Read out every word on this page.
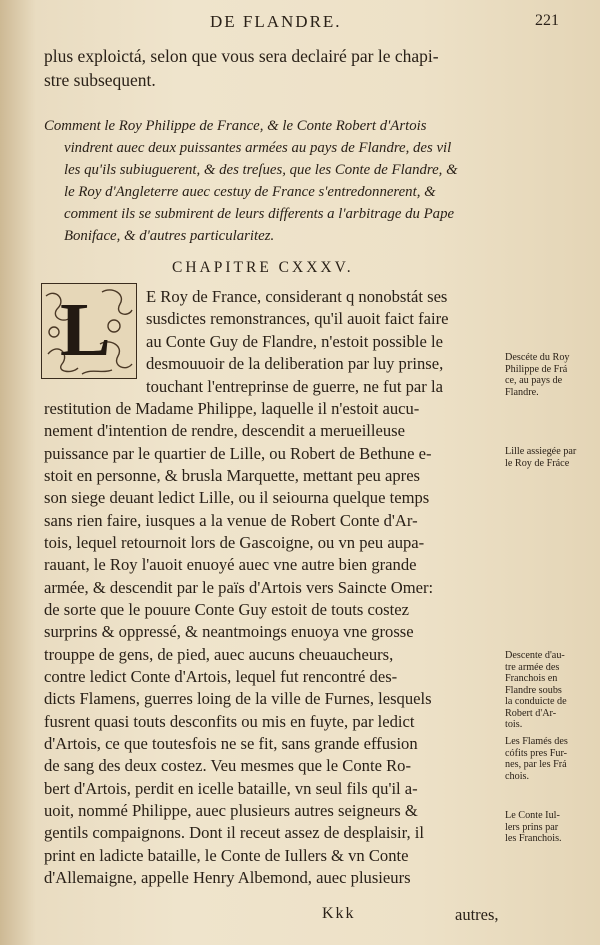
DE FLANDRE.	221
plus exploictá, selon que vous sera declairé par le chapi-
stre subsequent.
Comment le Roy Philippe de France, & le Conte Robert d'Artois
vindrent auec deux puissantes armées au pays de Flandre, des vil
les qu'ils subiuguerent, & des treſues, que les Conte de Flandre, &
le Roy d'Angleterre auec cestuy de France s'entredonnerent, &
comment ils se submirent de leurs differents a l'arbitrage du Pape
Boniface, & d'autres particularitez.
CHAPITRE CXXXV.
L E Roy de France, considerant q nonobstát ses
susdictes remonstrances, qu'il auoit faict faire
au Conte Guy de Flandre, n'estoit possible le
desmouuoir de la deliberation par luy prinse,
touchant l'entreprinse de guerre, ne fut par la
restitution de Madame Philippe, laquelle il n'estoit aucu-
nement d'intention de rendre, descendit a merueilleuse
puissance par le quartier de Lille, ou Robert de Bethune e-
stoit en personne, & brusla Marquette, mettant peu apres
son siege deuant ledict Lille, ou il seiourna quelque temps
sans rien faire, iusques a la venue de Robert Conte d'Ar-
tois, lequel retournoit lors de Gascoigne, ou vn peu aupa-
rauant, le Roy l'auoit enuoyé auec vne autre bien grande
armée, & descendit par le païs d'Artois vers Saincte Omer:
de sorte que le pouure Conte Guy estoit de touts costez
surprins & oppressé, & neantmoings enuoya vne grosse
trouppe de gens, de pied, auec aucuns cheuaucheurs,
contre ledict Conte d'Artois, lequel fut rencontré des-
dicts Flamens, guerres loing de la ville de Furnes, lesquels
fusrent quasi touts desconfits ou mis en fuyte, par ledict
d'Artois, ce que toutesfois ne se fit, sans grande effusion
de sang des deux costez. Veu mesmes que le Conte Ro-
bert d'Artois, perdit en icelle bataille, vn seul fils qu'il a-
uoit, nommé Philippe, auec plusieurs autres seigneurs &
gentils compaignons. Dont il receut assez de desplaisir, il
print en ladicte bataille, le Conte de Iullers & vn Conte
d'Allemaigne, appelle Henry Albemond, auec plusieurs
Descéte du Roy
Philippe de Frá
ce, au pays de
Flandre.
Lille assiegée par
le Roy de Fráce
Descente d'au-
tre armée des
Franchois en
Flandre soubs
la conduicte de
Robert d'Ar-
tois.
Les Flamés des
cófits pres Fur-
nes, par les Frá
chois.
Le Conte Iul-
lers prins par
les Franchois.
Kkk	autres,
